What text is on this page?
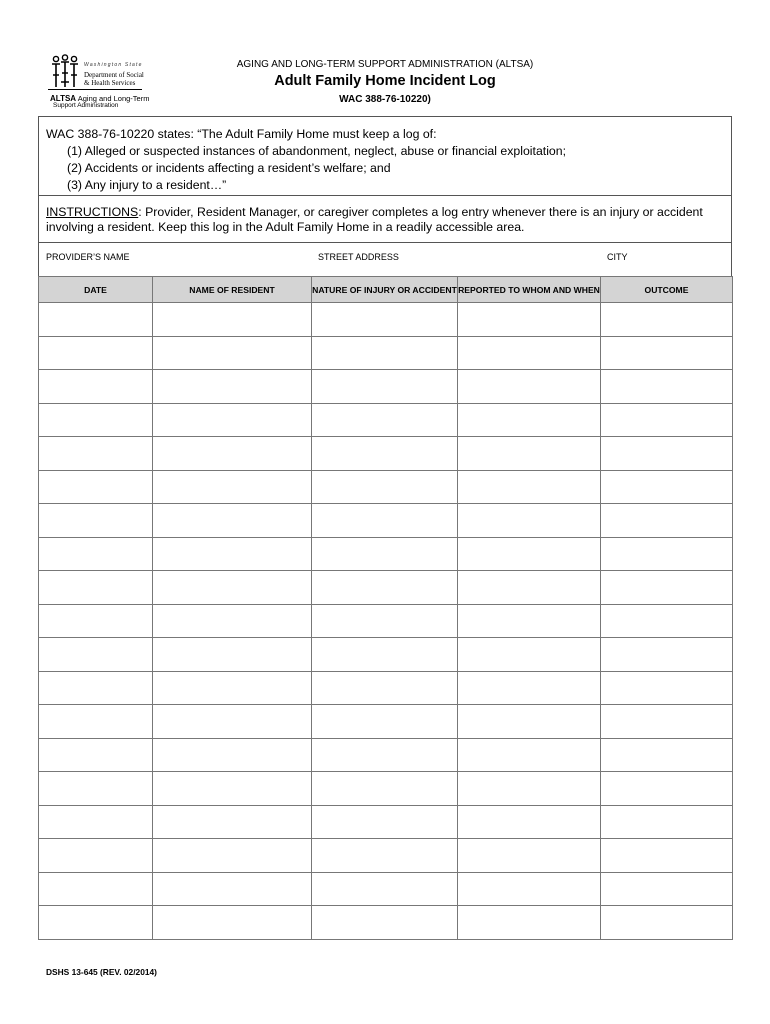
Washington State
Department of Social
& Health Services
ALTSA Aging and Long-Term
Support Administration
AGING AND LONG-TERM SUPPORT ADMINISTRATION (ALTSA)
Adult Family Home Incident Log
WAC 388-76-10220)
WAC 388-76-10220 states: “The Adult Family Home must keep a log of:
(1) Alleged or suspected instances of abandonment, neglect, abuse or financial exploitation;
(2) Accidents or incidents affecting a resident’s welfare; and
(3) Any injury to a resident…”
INSTRUCTIONS: Provider, Resident Manager, or caregiver completes a log entry whenever there is an injury or accident involving a resident. Keep this log in the Adult Family Home in a readily accessible area.
PROVIDER’S NAME	STREET ADDRESS	CITY
DATE	NAME OF RESIDENT	NATURE OF INJURY OR ACCIDENT	REPORTED TO WHOM AND WHEN	OUTCOME

DSHS 13-645 (REV. 02/2014)
